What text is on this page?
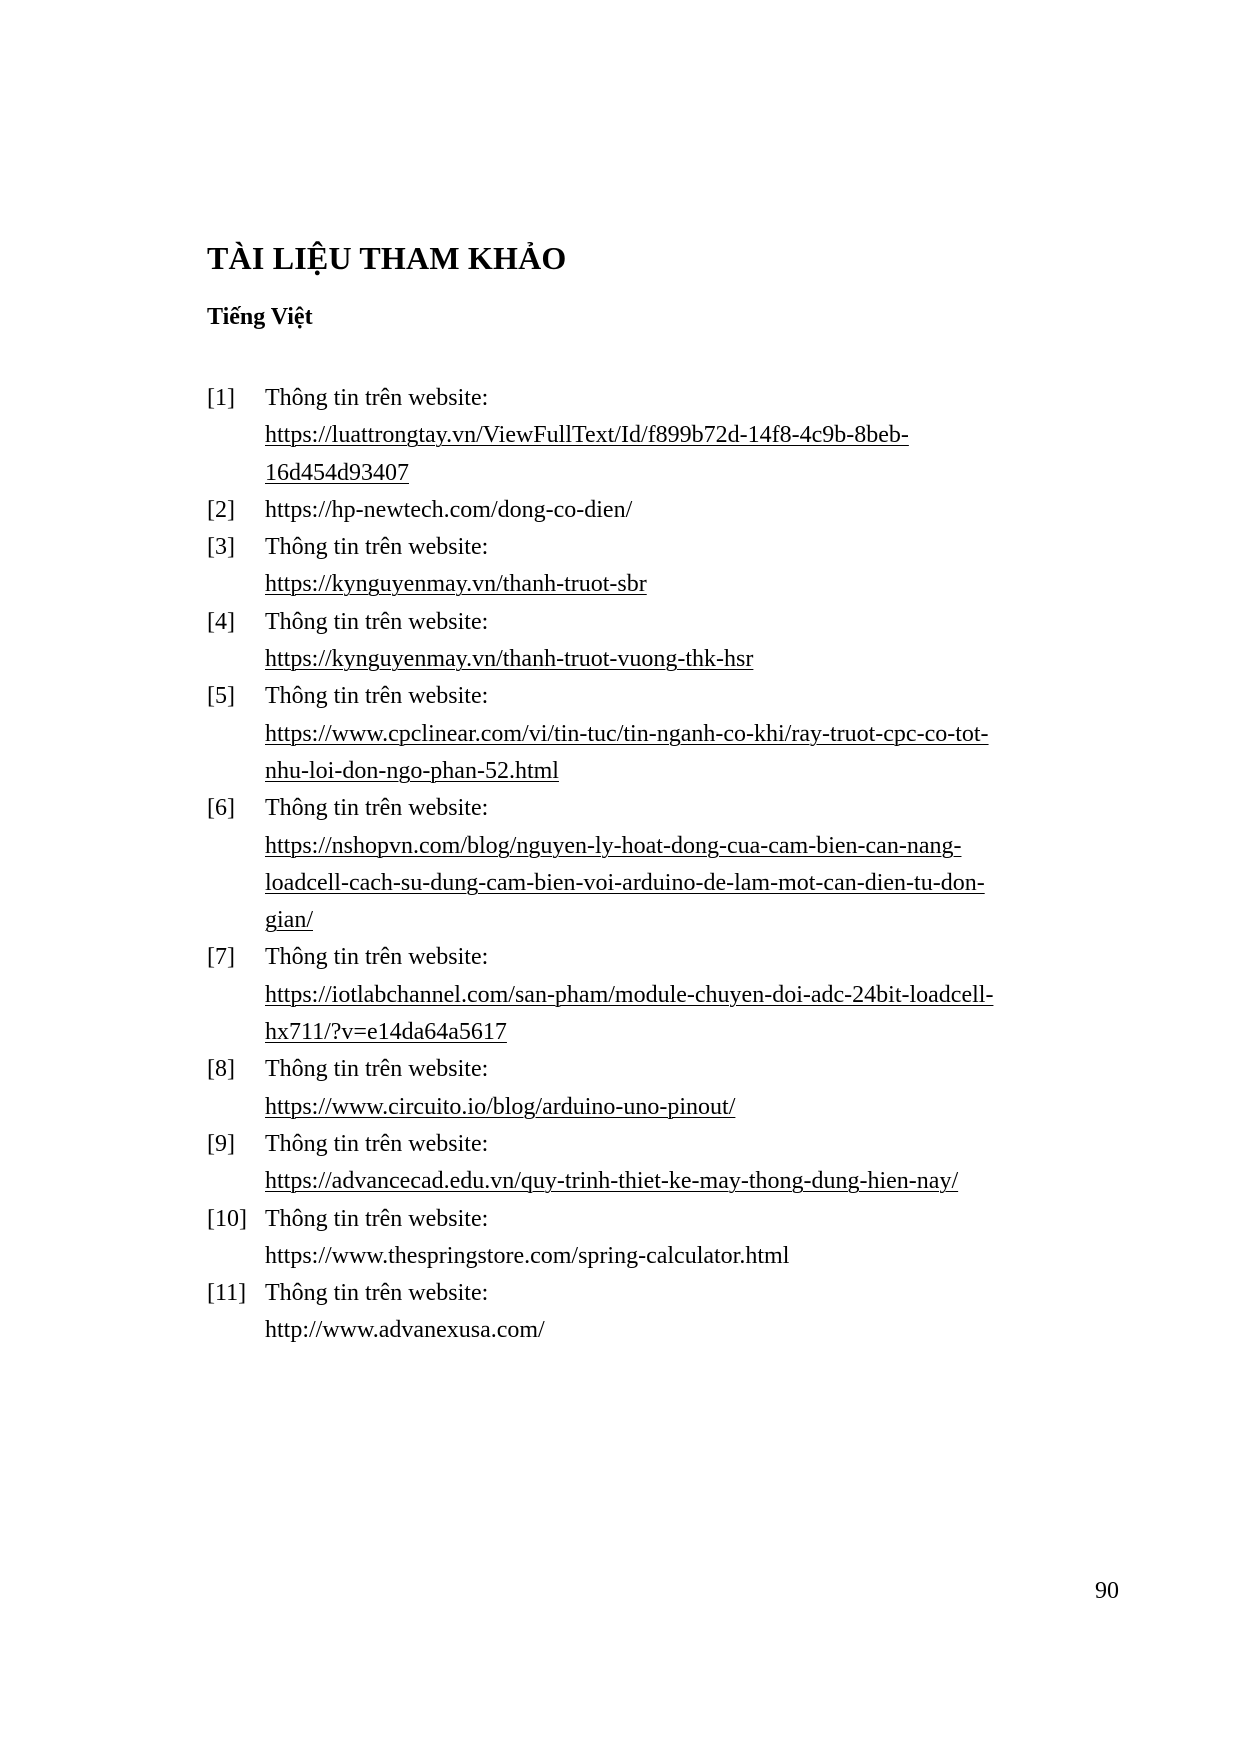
TÀI LIỆU THAM KHẢO
Tiếng Việt
[1]	Thông tin trên website:
https://luattrongtay.vn/ViewFullText/Id/f899b72d-14f8-4c9b-8beb-
16d454d93407
[2]	https://hp-newtech.com/dong-co-dien/
[3]	Thông tin trên website:
https://kynguyenmay.vn/thanh-truot-sbr
[4]	Thông tin trên website:
https://kynguyenmay.vn/thanh-truot-vuong-thk-hsr
[5]	Thông tin trên website:
https://www.cpclinear.com/vi/tin-tuc/tin-nganh-co-khi/ray-truot-cpc-co-tot-
nhu-loi-don-ngo-phan-52.html
[6]	Thông tin trên website:
https://nshopvn.com/blog/nguyen-ly-hoat-dong-cua-cam-bien-can-nang-
loadcell-cach-su-dung-cam-bien-voi-arduino-de-lam-mot-can-dien-tu-don-
gian/
[7]	Thông tin trên website:
https://iotlabchannel.com/san-pham/module-chuyen-doi-adc-24bit-loadcell-
hx711/?v=e14da64a5617
[8]	Thông tin trên website:
https://www.circuito.io/blog/arduino-uno-pinout/
[9]	Thông tin trên website:
https://advancecad.edu.vn/quy-trinh-thiet-ke-may-thong-dung-hien-nay/
[10] Thông tin trên website:
https://www.thespringstore.com/spring-calculator.html
[11] Thông tin trên website:
http://www.advanexusa.com/
90
